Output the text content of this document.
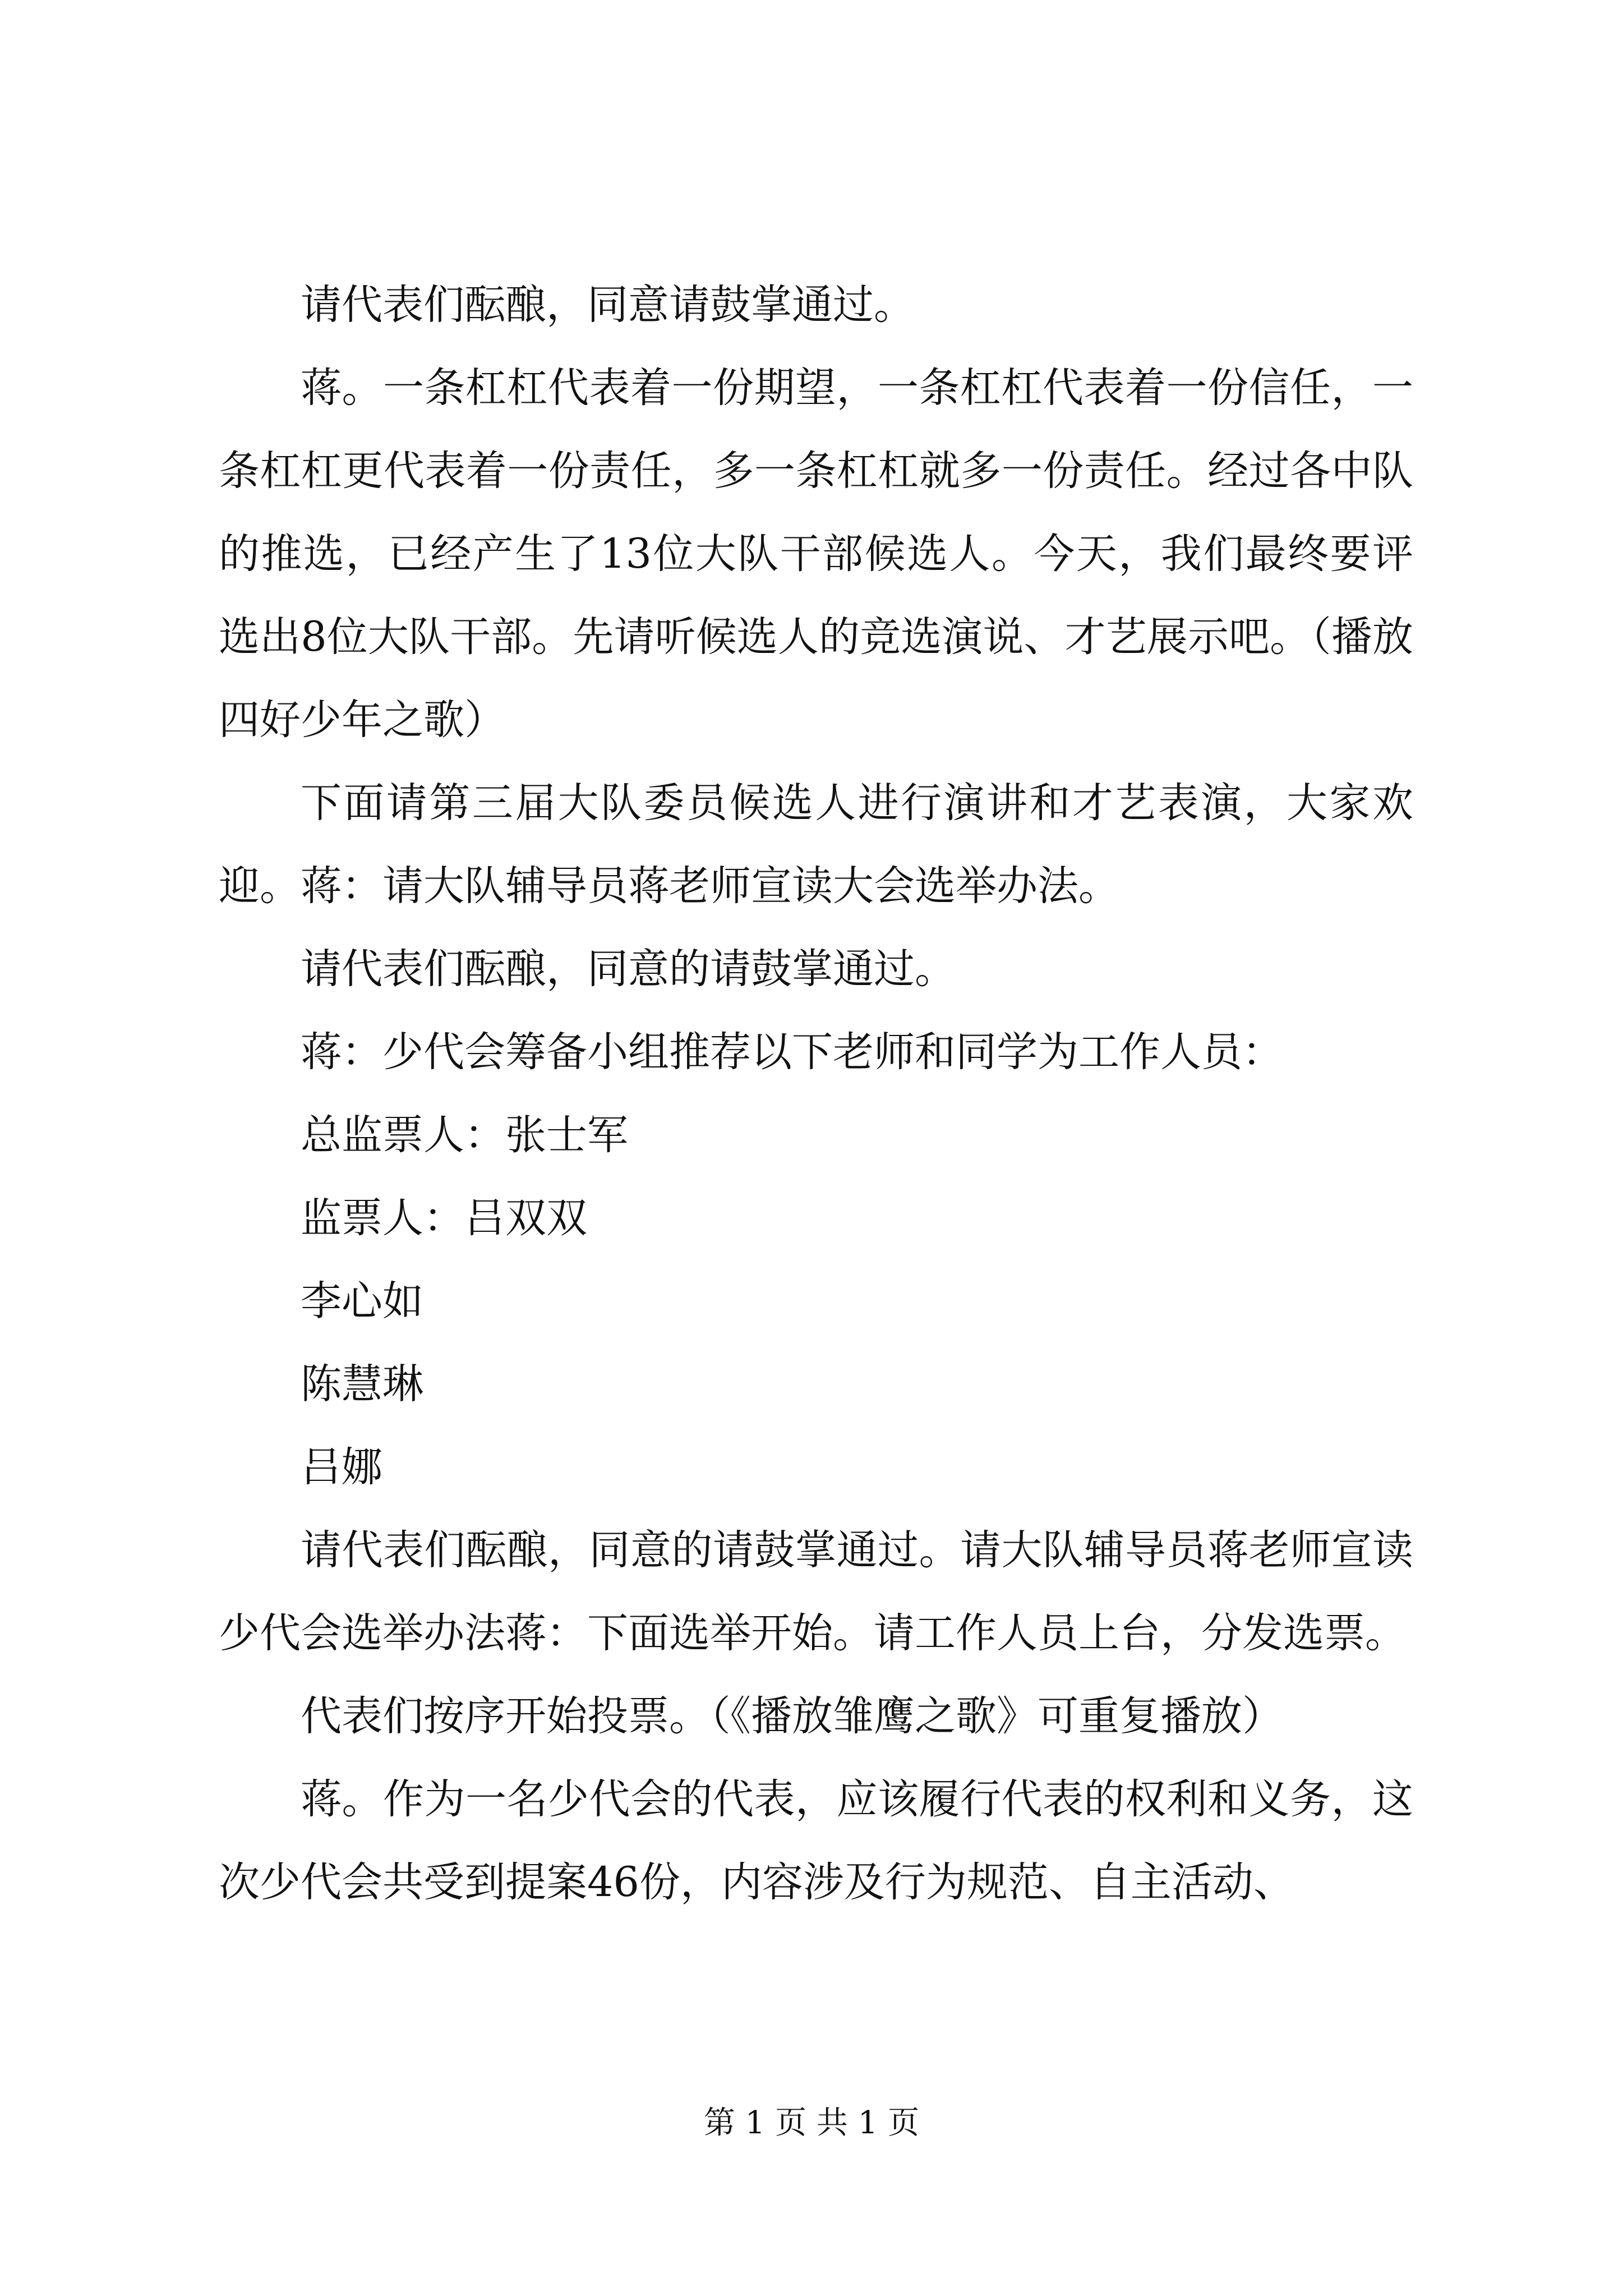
请代表们酝酿，同意请鼓掌通过。

蒋。一条杠杠代表着一份期望，一条杠杠代表着一份信任，一条杠杠更代表着一份责任，多一条杠杠就多一份责任。经过各中队的推选，已经产生了13位大队干部候选人。今天，我们最终要评选出8位大队干部。先请听候选人的竞选演说、才艺展示吧。（播放四好少年之歌）

下面请第三届大队委员候选人进行演讲和才艺表演，大家欢迎。蒋：请大队辅导员蒋老师宣读大会选举办法。

请代表们酝酿，同意的请鼓掌通过。

蒋：少代会筹备小组推荐以下老师和同学为工作人员：

总监票人：张士军

监票人：吕双双

李心如

陈慧琳

吕娜

请代表们酝酿，同意的请鼓掌通过。请大队辅导员蒋老师宣读少代会选举办法蒋：下面选举开始。请工作人员上台，分发选票。

代表们按序开始投票。（《播放雏鹰之歌》可重复播放）

蒋。作为一名少代会的代表，应该履行代表的权利和义务，这次少代会共受到提案46份，内容涉及行为规范、自主活动、

第 1 页 共 1 页
